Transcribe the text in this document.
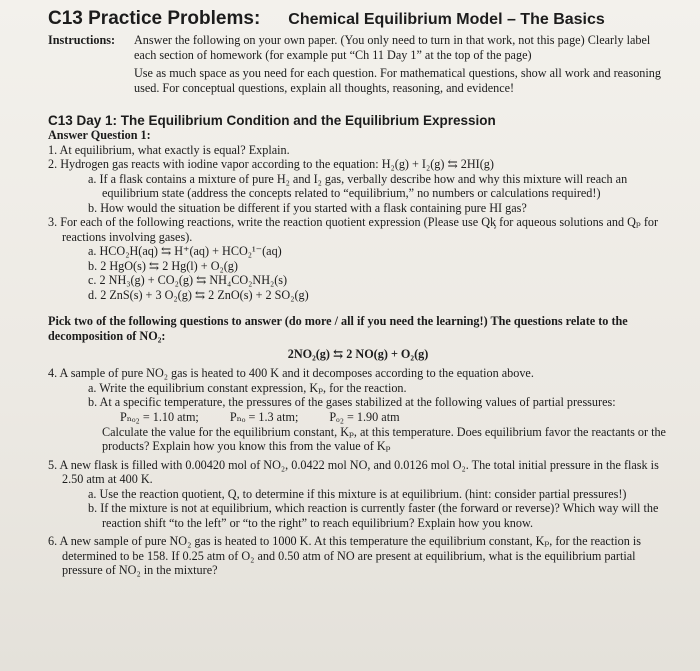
C13 Practice Problems: Chemical Equilibrium Model – The Basics
Instructions:	Answer the following on your own paper. (You only need to turn in that work, not this page) Clearly label each section of homework (for example put “Ch 11 Day 1” at the top of the page)

Use as much space as you need for each question. For mathematical questions, show all work and reasoning used. For conceptual questions, explain all thoughts, reasoning, and evidence!

C13 Day 1: The Equilibrium Condition and the Equilibrium Expression
Answer Question 1:
1. At equilibrium, what exactly is equal? Explain.
2. Hydrogen gas reacts with iodine vapor according to the equation: H₂(g) + I₂(g) ⇆ 2HI(g)
a. If a flask contains a mixture of pure H₂ and I₂ gas, verbally describe how and why this mixture will reach an equilibrium state (address the concepts related to “equilibrium,” no numbers or calculations required!)
b. How would the situation be different if you started with a flask containing pure HI gas?
3. For each of the following reactions, write the reaction quotient expression (Please use Qᶄ for aqueous solutions and Qₚ for reactions involving gases).
a. HCO₂H(aq) ⇆ H⁺(aq) + HCO₂¹⁻(aq)
b. 2 HgO(s) ⇆ 2 Hg(l) + O₂(g)
c. 2 NH₃(g) + CO₂(g) ⇆ NH₄CO₂NH₂(s)
d. 2 ZnS(s) + 3 O₂(g) ⇆ 2 ZnO(s) + 2 SO₂(g)
Pick two of the following questions to answer (do more / all if you need the learning!) The questions relate to the decomposition of NO₂:
2NO₂(g) ⇆ 2 NO(g) + O₂(g)
4. A sample of pure NO₂ gas is heated to 400 K and it decomposes according to the equation above.
a. Write the equilibrium constant expression, Kₚ, for the reaction.
b. At a specific temperature, the pressures of the gases stabilized at the following values of partial pressures:
Pₙₒ₂ = 1.10 atm;	Pₙₒ = 1.3 atm;	Pₒ₂ = 1.90 atm
Calculate the value for the equilibrium constant, Kₚ, at this temperature. Does equilibrium favor the reactants or the products? Explain how you know this from the value of Kₚ
5. A new flask is filled with 0.00420 mol of NO₂, 0.0422 mol NO, and 0.0126 mol O₂. The total initial pressure in the flask is 2.50 atm at 400 K.
a. Use the reaction quotient, Q, to determine if this mixture is at equilibrium. (hint: consider partial pressures!)
b. If the mixture is not at equilibrium, which reaction is currently faster (the forward or reverse)? Which way will the reaction shift “to the left” or “to the right” to reach equilibrium? Explain how you know.
6. A new sample of pure NO₂ gas is heated to 1000 K. At this temperature the equilibrium constant, Kₚ, for the reaction is determined to be 158. If 0.25 atm of O₂ and 0.50 atm of NO are present at equilibrium, what is the equilibrium partial pressure of NO₂ in the mixture?
